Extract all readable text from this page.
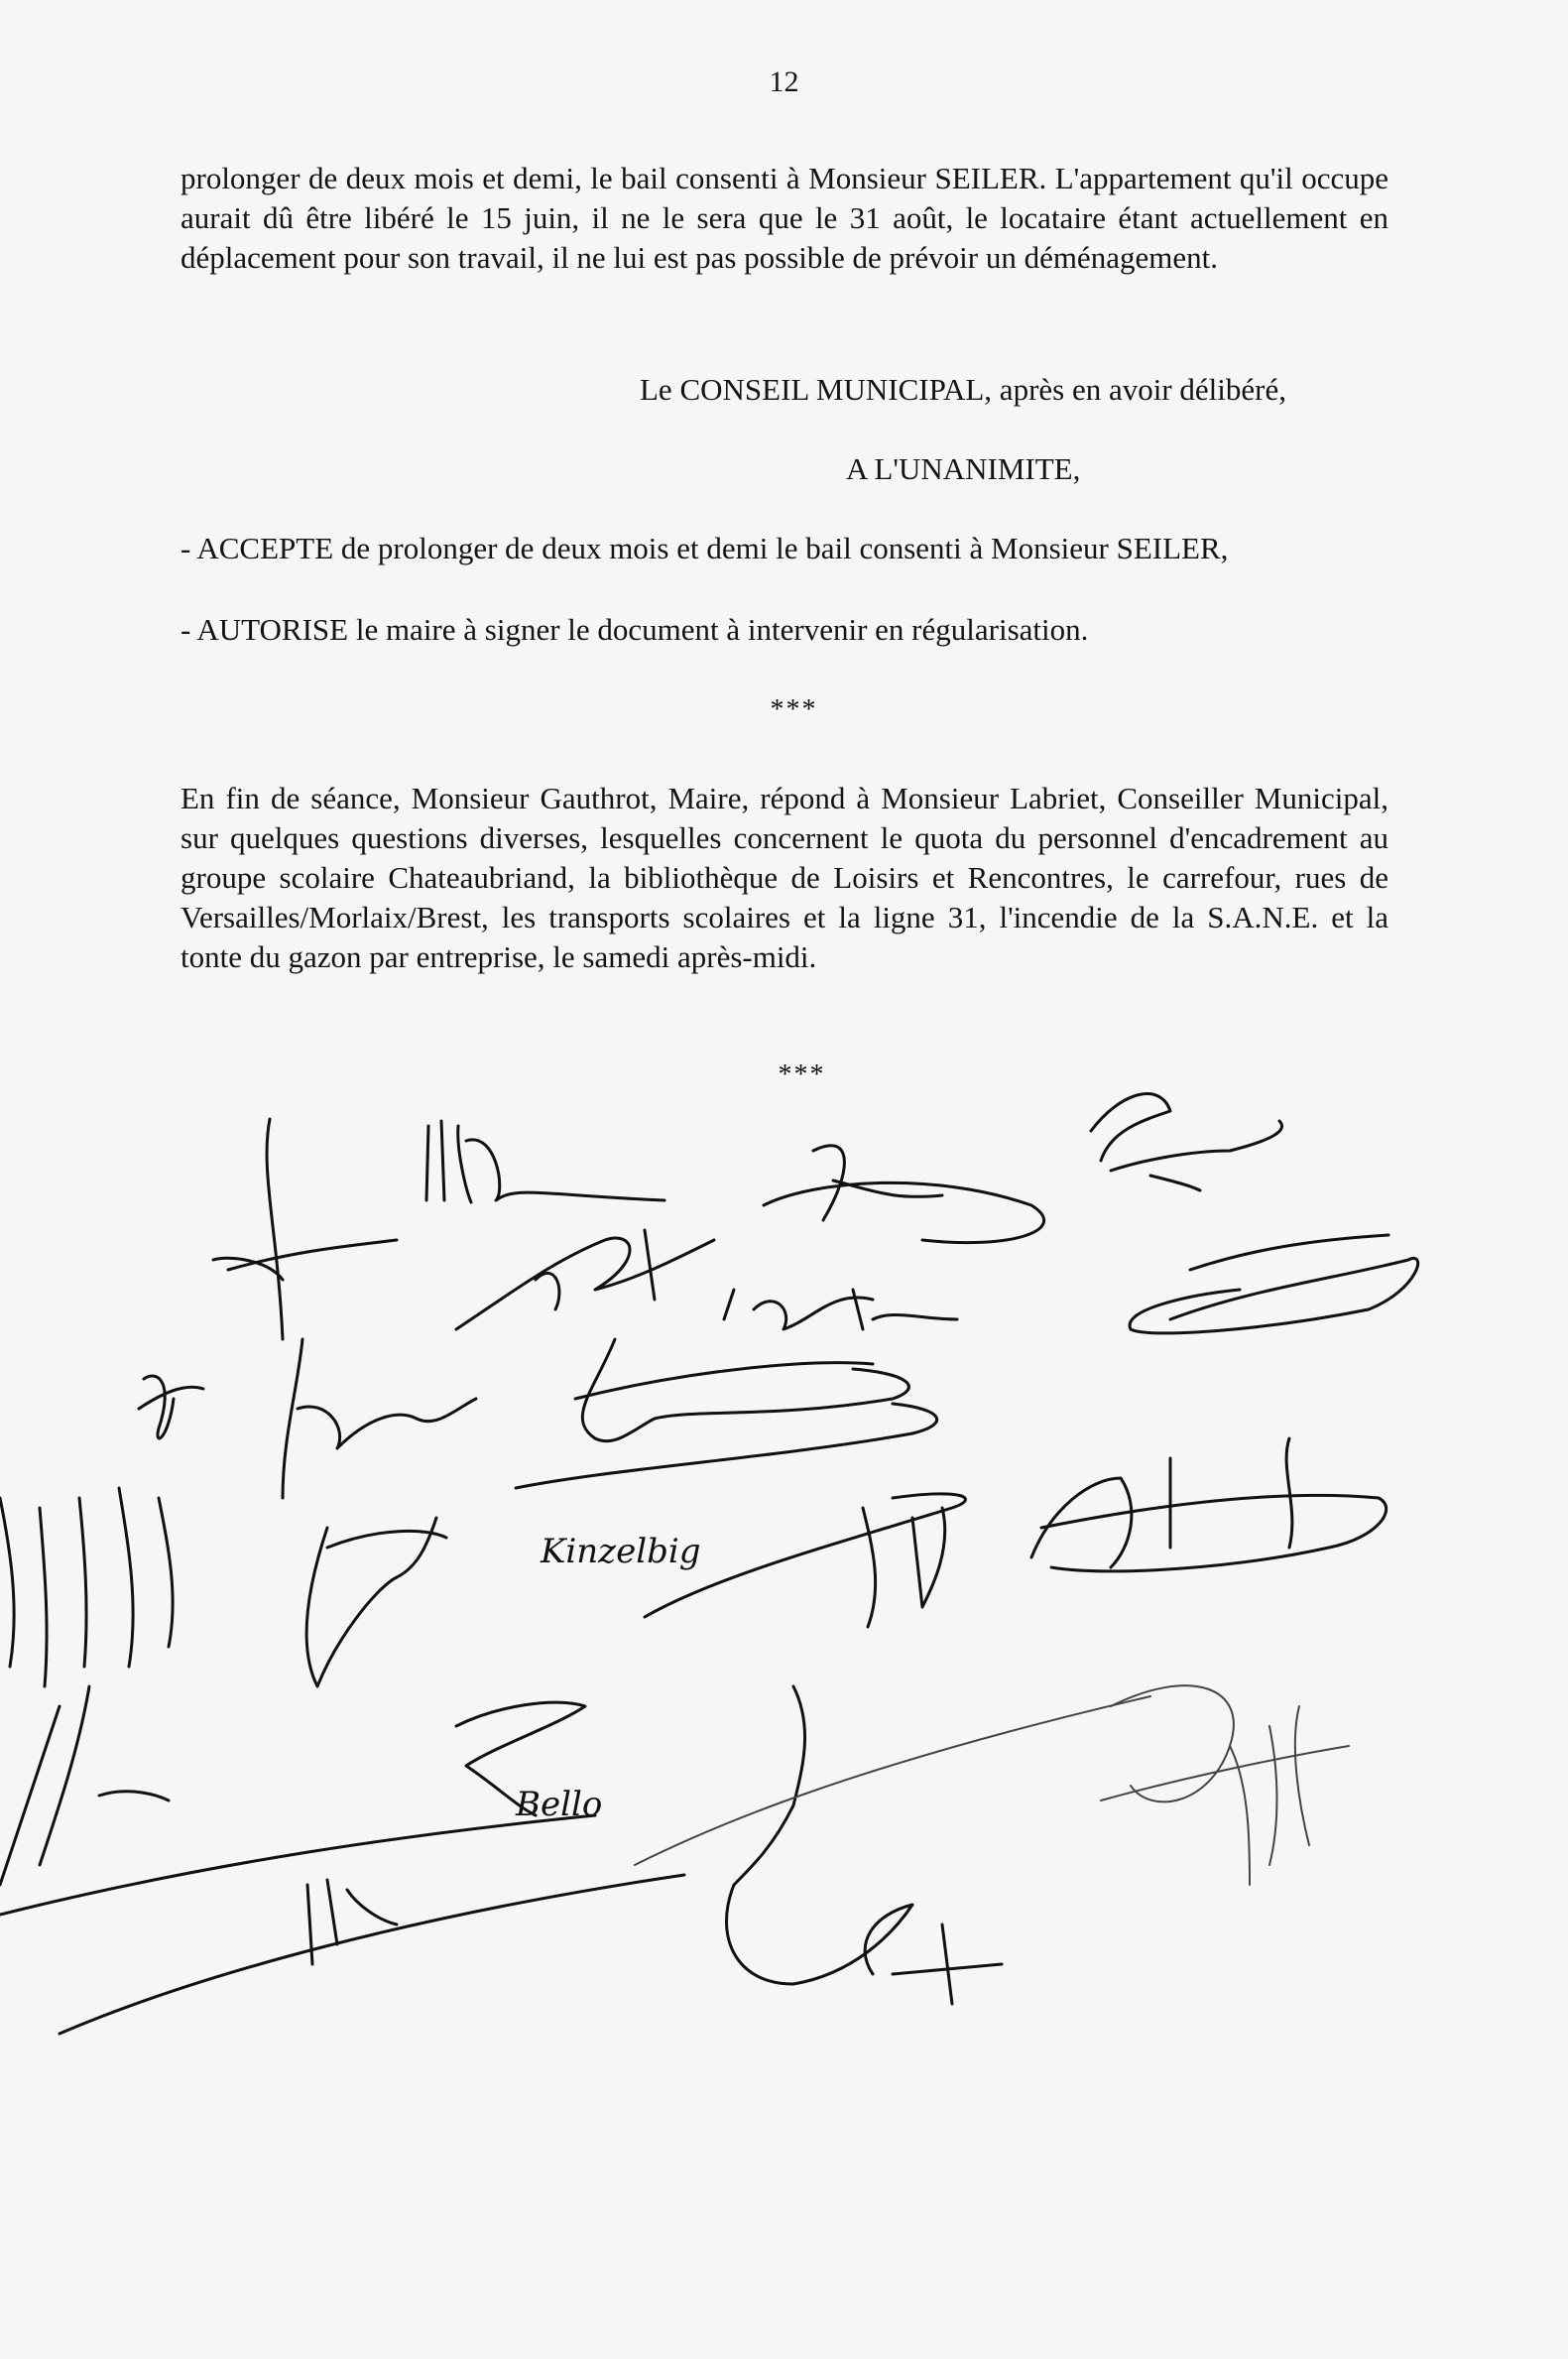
12

prolonger de deux mois et demi, le bail consenti à Monsieur SEILER. L'appartement qu'il occupe aurait dû être libéré le 15 juin, il ne le sera que le 31 août, le locataire étant actuellement en déplacement pour son travail, il ne lui est pas possible de prévoir un déménagement.

Le CONSEIL MUNICIPAL, après en avoir délibéré,

A L'UNANIMITE,

- ACCEPTE de prolonger de deux mois et demi le bail consenti à Monsieur SEILER,

- AUTORISE le maire à signer le document à intervenir en régularisation.

***

En fin de séance, Monsieur Gauthrot, Maire, répond à Monsieur Labriet, Conseiller Municipal, sur quelques questions diverses, lesquelles concernent le quota du personnel d'encadrement au groupe scolaire Chateaubriand, la bibliothèque de Loisirs et Rencontres, le carrefour, rues de Versailles/Morlaix/Brest, les transports scolaires et la ligne 31, l'incendie de la S.A.N.E. et la tonte du gazon par entreprise, le samedi après-midi.

***

Kinzelbig
Bello
